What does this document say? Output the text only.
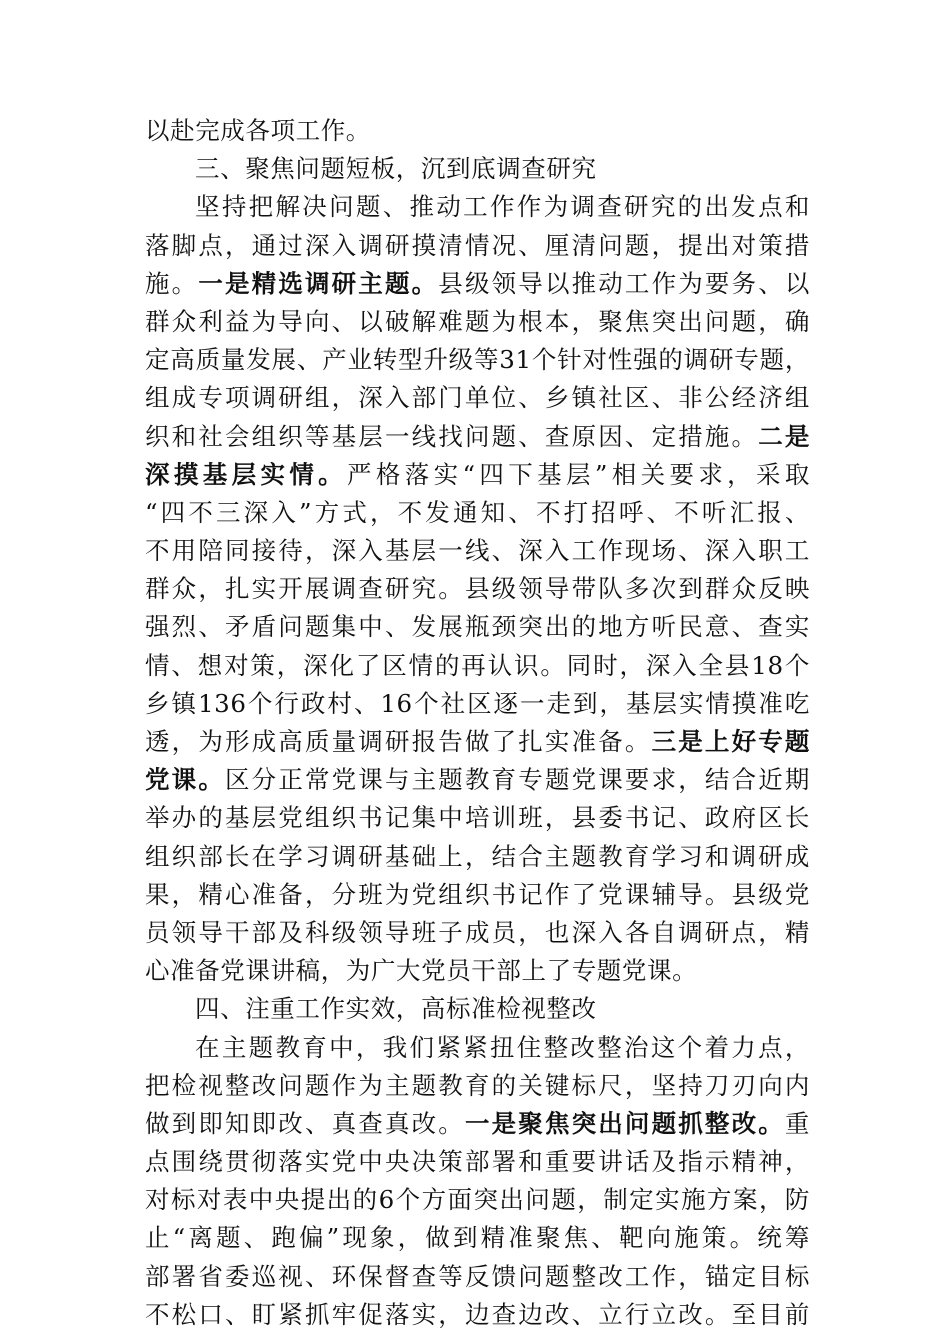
以赴完成各项工作。
三、聚焦问题短板，沉到底调查研究
坚持把解决问题、推动工作作为调查研究的出发点和
落脚点，通过深入调研摸清情况、厘清问题，提出对策措
施。一是精选调研主题。县级领导以推动工作为要务、以
群众利益为导向、以破解难题为根本，聚焦突出问题，确
定高质量发展、产业转型升级等31个针对性强的调研专题，
组成专项调研组，深入部门单位、乡镇社区、非公经济组
织和社会组织等基层一线找问题、查原因、定措施。二是
深摸基层实情。严格落实“四下基层”相关要求，采取
“四不三深入”方式，不发通知、不打招呼、不听汇报、
不用陪同接待，深入基层一线、深入工作现场、深入职工
群众，扎实开展调查研究。县级领导带队多次到群众反映
强烈、矛盾问题集中、发展瓶颈突出的地方听民意、查实
情、想对策，深化了区情的再认识。同时，深入全县18个
乡镇136个行政村、16个社区逐一走到，基层实情摸准吃
透，为形成高质量调研报告做了扎实准备。三是上好专题
党课。区分正常党课与主题教育专题党课要求，结合近期
举办的基层党组织书记集中培训班，县委书记、政府区长
组织部长在学习调研基础上，结合主题教育学习和调研成
果，精心准备，分班为党组织书记作了党课辅导。县级党
员领导干部及科级领导班子成员，也深入各自调研点，精
心准备党课讲稿，为广大党员干部上了专题党课。
四、注重工作实效，高标准检视整改
在主题教育中，我们紧紧扭住整改整治这个着力点，
把检视整改问题作为主题教育的关键标尺，坚持刀刃向内
做到即知即改、真查真改。一是聚焦突出问题抓整改。重
点围绕贯彻落实党中央决策部署和重要讲话及指示精神，
对标对表中央提出的6个方面突出问题，制定实施方案，防
止“离题、跑偏”现象，做到精准聚焦、靶向施策。统筹
部署省委巡视、环保督查等反馈问题整改工作，锚定目标
不松口、盯紧抓牢促落实，边查边改、立行立改。至目前
